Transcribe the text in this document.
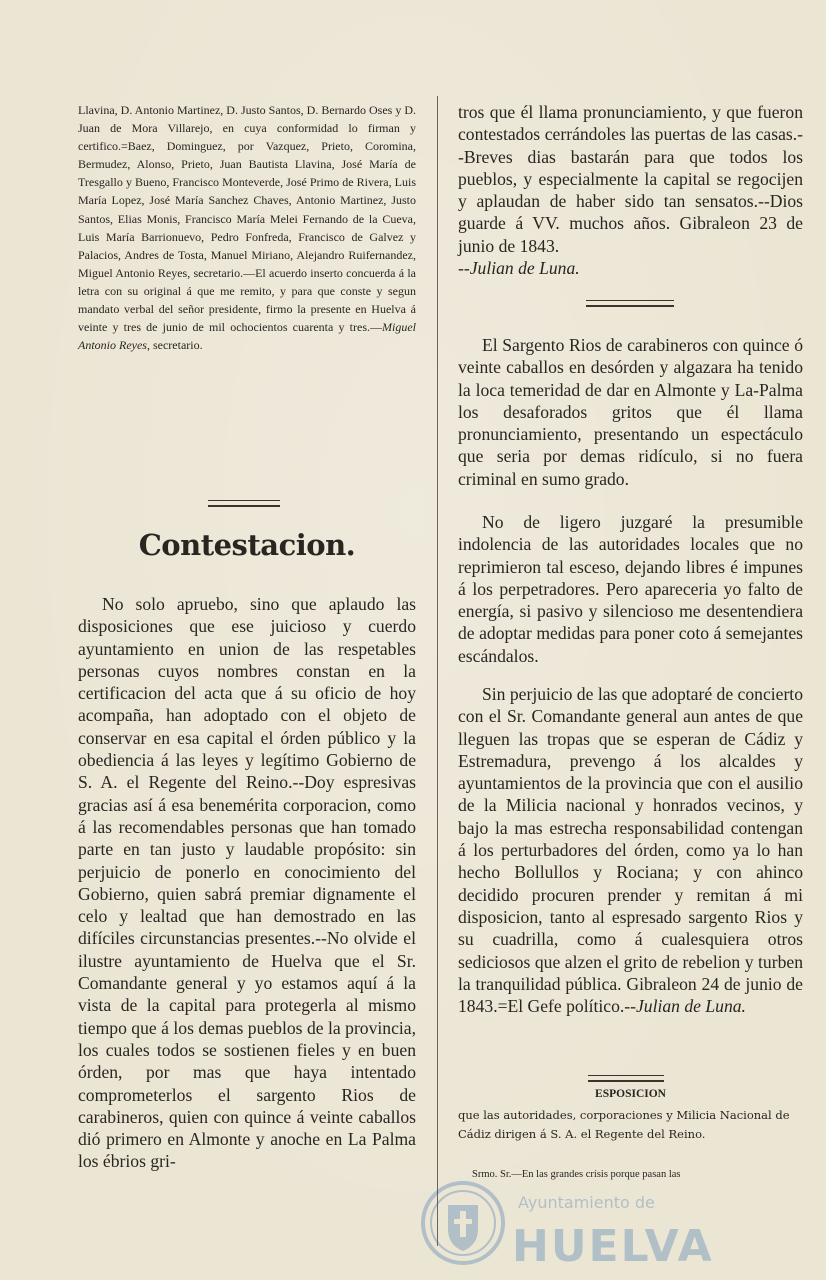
Llavina, D. Antonio Martinez, D. Justo Santos, D. Bernardo Oses y D. Juan de Mora Villarejo, en cuya conformidad lo firman y certifico.=Baez, Dominguez, por Vazquez, Prieto, Coromina, Bermudez, Alonso, Prieto, Juan Bautista Llavina, José María de Tresgallo y Bueno, Francisco Monteverde, José Primo de Rivera, Luis María Lopez, José María Sanchez Chaves, Antonio Martinez, Justo Santos, Elias Monis, Francisco María Melei Fernando de la Cueva, Luis María Barrionuevo, Pedro Fonfreda, Francisco de Galvez y Palacios, Andres de Tosta, Manuel Miriano, Alejandro Ruifernandez, Miguel Antonio Reyes, secretario.—El acuerdo inserto concuerda á la letra con su original á que me remito, y para que conste y segun mandato verbal del señor presidente, firmo la presente en Huelva á veinte y tres de junio de mil ochocientos cuarenta y tres.—Miguel Antonio Reyes, secretario.

Contestacion.

No solo apruebo, sino que aplaudo las disposiciones que ese juicioso y cuerdo ayuntamiento en union de las respetables personas cuyos nombres constan en la certificacion del acta que á su oficio de hoy acompaña, han adoptado con el objeto de conservar en esa capital el órden público y la obediencia á las leyes y legítimo Gobierno de S. A. el Regente del Reino.--Doy espresivas gracias así á esa benemérita corporacion, como á las recomendables personas que han tomado parte en tan justo y laudable propósito: sin perjuicio de ponerlo en conocimiento del Gobierno, quien sabrá premiar dignamente el celo y lealtad que han demostrado en las difíciles circunstancias presentes.--No olvide el ilustre ayuntamiento de Huelva que el Sr. Comandante general y yo estamos aquí á la vista de la capital para protegerla al mismo tiempo que á los demas pueblos de la provincia, los cuales todos se sostienen fieles y en buen órden, por mas que haya intentado comprometerlos el sargento Rios de carabineros, quien con quince á veinte caballos dió primero en Almonte y anoche en La Palma los ébrios gri-

tros que él llama pronunciamiento, y que fueron contestados cerrándoles las puertas de las casas.--Breves dias bastarán para que todos los pueblos, y especialmente la capital se regocijen y aplaudan de haber sido tan sensatos.--Dios guarde á VV. muchos años. Gibraleon 23 de junio de 1843.
--Julian de Luna.

El Sargento Rios de carabineros con quince ó veinte caballos en desórden y algazara ha tenido la loca temeridad de dar en Almonte y La-Palma los desaforados gritos que él llama pronunciamiento, presentando un espectáculo que seria por demas ridículo, si no fuera criminal en sumo grado.

No de ligero juzgaré la presumible indolencia de las autoridades locales que no reprimieron tal esceso, dejando libres é impunes á los perpetradores. Pero apareceria yo falto de energía, si pasivo y silencioso me desentendiera de adoptar medidas para poner coto á semejantes escándalos.

Sin perjuicio de las que adoptaré de concierto con el Sr. Comandante general aun antes de que lleguen las tropas que se esperan de Cádiz y Estremadura, prevengo á los alcaldes y ayuntamientos de la provincia que con el ausilio de la Milicia nacional y honrados vecinos, y bajo la mas estrecha responsabilidad contengan á los perturbadores del órden, como ya lo han hecho Bollullos y Rociana; y con ahinco decidido procuren prender y remitan á mi disposicion, tanto al espresado sargento Rios y su cuadrilla, como á cualesquiera otros sediciosos que alzen el grito de rebelion y turben la tranquilidad pública. Gibraleon 24 de junio de 1843.=El Gefe político.--Julian de Luna.

ESPOSICION

que las autoridades, corporaciones y Milicia Nacional de Cádiz dirigen á S. A. el Regente del Reino.

Srmo. Sr.—En las grandes crísis porque pasan las

Ayuntamiento de
HUELVA
